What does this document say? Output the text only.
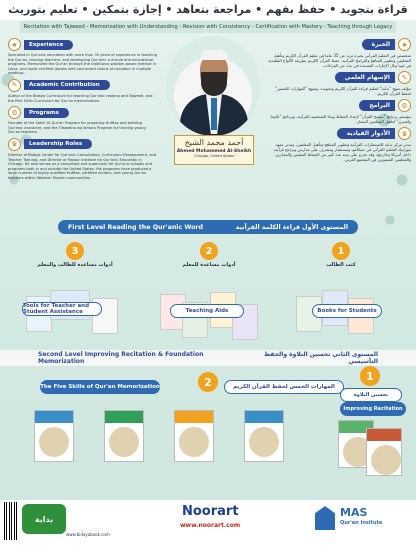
قراءة بتجويد • حفظ بفهم • مراجعة بتعاهد • إجازة بتمكين • تعليم بتوريث
Recitation with Tajweed - Memorization with Understanding - Revision with Consistency - Certification with Mastery - Teaching through Legacy
★	Experience
Specialist in Qur'anic education with more than 35 years of experience in teaching the Qur'an, training teachers, and developing Qur'anic curricula and educational programs. Memorized the Qur'an through the traditional wisdom-based method in Libya, and holds certified Ijazahs with connected chains of narration in multiple readings.
✎	Academic Contribution
Author of the Bidaya Curriculum for teaching Qur'anic reading and Tajweed, and the Pink Skills Curriculum for Qur'an memorization.
⚙	Programs
Founder of the Sahih Al-Qur'an Program for preparing Hufftaz and building Qur'anic character, and the Tilawatna wa Ishtara Program for training young Qur'an teachers.
♛	Leadership Roles
Director of Bidaya Center for Qur'anic Consultation, Curriculum Development, and Teacher Training, and Director of Mosaic Institute for Qur'anic Education in Chicago. He also serves as a consultant and supervisor for Qur'anic schools and programs both in and outside the United States. His programs have produced a large number of highly qualified Hufftaz, certified reciters, and young Qur'an teachers within Western Muslim communities.
أحمد محمد الشيخ
Ahmed Mohammed Al-Sheikh
Chicago, United States
★
الخبرة
متخصص في التعليم القرآني بخبرة تزيد عن 35 عاما في تعليم القرآن الكريم وتأهيل المعلمين وتطوير المناهج والبرامج القرآنية. حفظ القرآن الكريم بطريقة الألواح التقليدية في ليبيا ونال الإجازات المسندة في عدد من القراءات.
✎
الإسهام العلمي
مؤلف منهج "بداية" لتعليم قراءة القرآن الكريم وتجويده، ومنهج "المهارات الخمس" لحفظ القرآن الكريم.
⚙
البرامج
مؤسس برنامج "صحيح القرآن" لإعداد الحفاظ وبناء الشخصية القرآنية، وبرنامج "تلاوتنا واشترى" لتأهيل المعلمين الصغار.
♛
الأدوار القيادية
مدير مركز بداية للاستشارات القرآنية وتطوير المناهج وتأهيل المعلمين، ومدير معهد موزاييك للتعليم القرآني في شيكاغو، ومستشار ومشرف على مدارس وبرامج قرآنية داخل أمريكا وخارجها، وقد تخرج على يديه عدد كبير من الحفاظ المتقنين والمجازين والمعلمين المتميزين في المجتمع الغربي.
First Level Reading the Qur'anic Word	المستوى الأول قراءة الكلمة القرآنية
3
أدوات مساعدة للطالب والمعلم
Tools for Teacher and Student Assistance
2
أدوات مساعدة للمعلم
Teaching Aids
1
كتب الطالب
Books for Students
Second Level Improving Recitation & Foundation Memorization
المستوى الثاني تحسين التلاوة والحفظ التأسيسي
2
The Five Skills of Qur'an Memorization	المهارات الخمس لحفظ القرآن الكريم
1
تحسين التلاوة
Improving Recitation
بداية
www.bidayabook.com
Noorart
www.noorart.com
MAS
Qur'an Insitute
